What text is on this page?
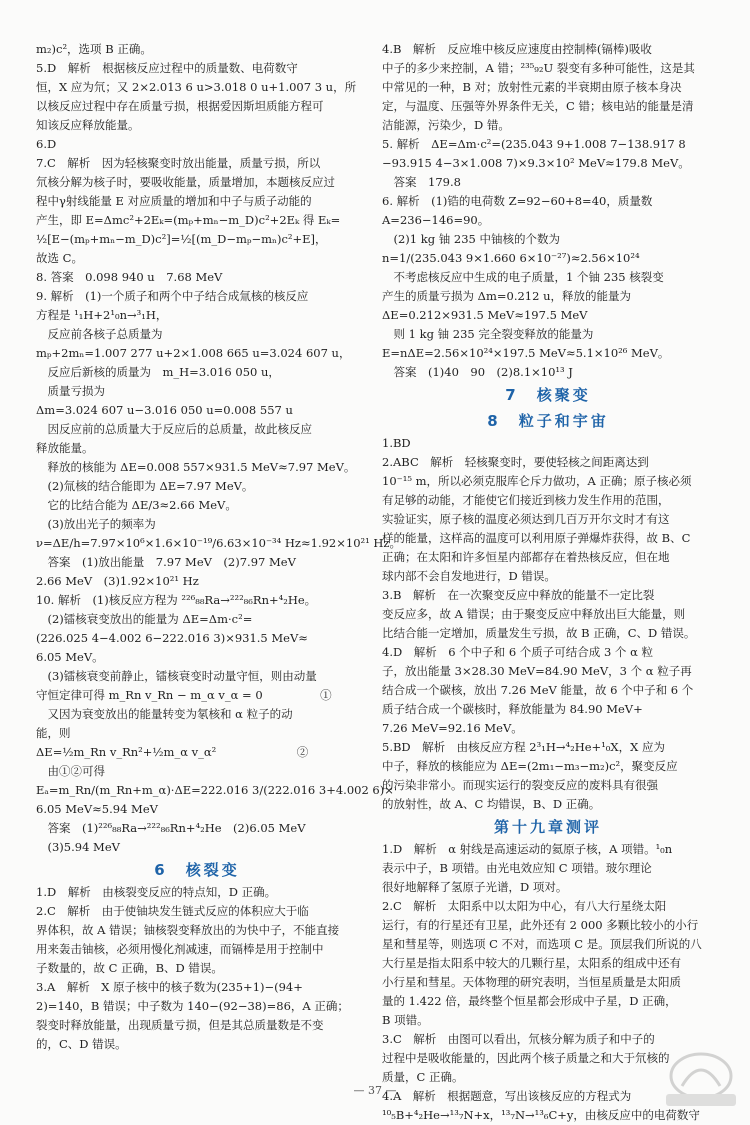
m₂)c²，选项 B 正确。
5.D　解析　根据核反应过程中的质量数、电荷数守
恒，X 应为氘；又 2×2.013 6 u>3.018 0 u+1.007 3 u，所
以核反应过程中存在质量亏损，根据爱因斯坦质能方程可
知该反应释放能量。
6.D
7.C　解析　因为轻核聚变时放出能量，质量亏损，所以
氘核分解为核子时，要吸收能量，质量增加，本题核反应过
程中γ射线能量 E 对应质量的增加和中子与质子动能的
产生，即 E=Δmc²+2Eₖ=(mₚ+mₙ−m_D)c²+2Eₖ 得 Eₖ=
½[E−(mₚ+mₙ−m_D)c²]=½[(m_D−mₚ−mₙ)c²+E]，
故选 C。
8. 答案　0.098 940 u　7.68 MeV
9. 解析　(1)一个质子和两个中子结合成氚核的核反应
方程是 ¹₁H+2¹₀n→³₁H，
　反应前各核子总质量为
mₚ+2mₙ=1.007 277 u+2×1.008 665 u=3.024 607 u，
　反应后新核的质量为　m_H=3.016 050 u，
　质量亏损为
Δm=3.024 607 u−3.016 050 u=0.008 557 u
　因反应前的总质量大于反应后的总质量，故此核反应
释放能量。
　释放的核能为 ΔE=0.008 557×931.5 MeV≈7.97 MeV。
　(2)氚核的结合能即为 ΔE=7.97 MeV。
　它的比结合能为 ΔE/3≈2.66 MeV。
　(3)放出光子的频率为
ν=ΔE/h=7.97×10⁶×1.6×10⁻¹⁹/6.63×10⁻³⁴ Hz≈1.92×10²¹ Hz。
　答案　(1)放出能量　7.97 MeV　(2)7.97 MeV
2.66 MeV　(3)1.92×10²¹ Hz
10. 解析　(1)核反应方程为 ²²⁶₈₈Ra→²²²₈₆Rn+⁴₂He。
　(2)镭核衰变放出的能量为 ΔE=Δm·c²=
(226.025 4−4.002 6−222.016 3)×931.5 MeV≈
6.05 MeV。
　(3)镭核衰变前静止，镭核衰变时动量守恒，则由动量
守恒定律可得 m_Rn v_Rn − m_α v_α = 0　　　　　①
　又因为衰变放出的能量转变为氡核和 α 粒子的动
能，则
ΔE=½m_Rn v_Rn²+½m_α v_α²　　　　　　　②
　由①②可得
Eₐ=m_Rn/(m_Rn+m_α)·ΔE=222.016 3/(222.016 3+4.002 6)×
6.05 MeV≈5.94 MeV
　答案　(1)²²⁶₈₈Ra→²²²₈₆Rn+⁴₂He　(2)6.05 MeV
　(3)5.94 MeV
6　核裂变
1.D　解析　由核裂变反应的特点知，D 正确。
2.C　解析　由于使铀块发生链式反应的体积应大于临
界体积，故 A 错误；铀核裂变释放出的为快中子，不能直接
用来轰击铀核，必须用慢化剂减速，而镉棒是用于控制中
子数量的，故 C 正确，B、D 错误。
3.A　解析　X 原子核中的核子数为(235+1)−(94+
2)=140，B 错误；中子数为 140−(92−38)=86，A 正确；
裂变时释放能量，出现质量亏损，但是其总质量数是不变
的，C、D 错误。
4.B　解析　反应堆中核反应速度由控制棒(镉棒)吸收
中子的多少来控制，A 错；²³⁵₉₂U 裂变有多种可能性，这是其
中常见的一种，B 对；放射性元素的半衰期由原子核本身决
定，与温度、压强等外界条件无关，C 错；核电站的能量是清
洁能源，污染少，D 错。
5. 解析　ΔE=Δm·c²=(235.043 9+1.008 7−138.917 8
−93.915 4−3×1.008 7)×9.3×10² MeV≈179.8 MeV。
　答案　179.8
6. 解析　(1)锆的电荷数 Z=92−60+8=40，质量数
A=236−146=90。
　(2)1 kg 铀 235 中铀核的个数为
n=1/(235.043 9×1.660 6×10⁻²⁷)≈2.56×10²⁴
　不考虑核反应中生成的电子质量，1 个铀 235 核裂变
产生的质量亏损为 Δm=0.212 u，释放的能量为
ΔE=0.212×931.5 MeV≈197.5 MeV
　则 1 kg 铀 235 完全裂变释放的能量为
E=nΔE=2.56×10²⁴×197.5 MeV≈5.1×10²⁶ MeV。
　答案　(1)40　90　(2)8.1×10¹³ J
7　核聚变
8　粒子和宇宙
1.BD
2.ABC　解析　轻核聚变时，要使轻核之间距离达到
10⁻¹⁵ m，所以必须克服库仑斥力做功，A 正确；原子核必须
有足够的动能，才能使它们接近到核力发生作用的范围，
实验证实，原子核的温度必须达到几百万开尔文时才有这
样的能量，这样高的温度可以利用原子弹爆炸获得，故 B、C
正确；在太阳和许多恒星内部都存在着热核反应，但在地
球内部不会自发地进行，D 错误。
3.B　解析　在一次聚变反应中释放的能量不一定比裂
变反应多，故 A 错误；由于聚变反应中释放出巨大能量，则
比结合能一定增加，质量发生亏损，故 B 正确，C、D 错误。
4.D　解析　6 个中子和 6 个质子可结合成 3 个 α 粒
子，放出能量 3×28.30 MeV=84.90 MeV，3 个 α 粒子再
结合成一个碳核，放出 7.26 MeV 能量，故 6 个中子和 6 个
质子结合成一个碳核时，释放能量为 84.90 MeV+
7.26 MeV=92.16 MeV。
5.BD　解析　由核反应方程 2³₁H→⁴₂He+¹₀X，X 应为
中子，释放的核能应为 ΔE=(2m₁−m₃−m₂)c²，聚变反应
的污染非常小。而现实运行的裂变反应的废料具有很强
的放射性，故 A、C 均错误，B、D 正确。
第十九章测评
1.D　解析　α 射线是高速运动的氦原子核，A 项错。¹₀n
表示中子，B 项错。由光电效应知 C 项错。玻尔理论
很好地解释了氢原子光谱，D 项对。
2.C　解析　太阳系中以太阳为中心，有八大行星绕太阳
运行，有的行星还有卫星，此外还有 2 000 多颗比较小的小行
星和彗星等，则选项 C 不对，而选项 C 是。顶层我们所说的八
大行星是指太阳系中较大的几颗行星，太阳系的组成中还有
小行星和彗星。天体物理的研究表明，当恒星质量是太阳质
量的 1.422 倍，最终整个恒星都会形成中子星，D 正确，
B 项错。
3.C　解析　由图可以看出，氘核分解为质子和中子的
过程中是吸收能量的，因此两个核子质量之和大于氘核的
质量，C 正确。
4.A　解析　根据题意，写出该核反应的方程式为
¹⁰₅B+⁴₂He→¹³₇N+x，¹³₇N→¹³₆C+y，由核反应中的电荷数守
— 37 —
